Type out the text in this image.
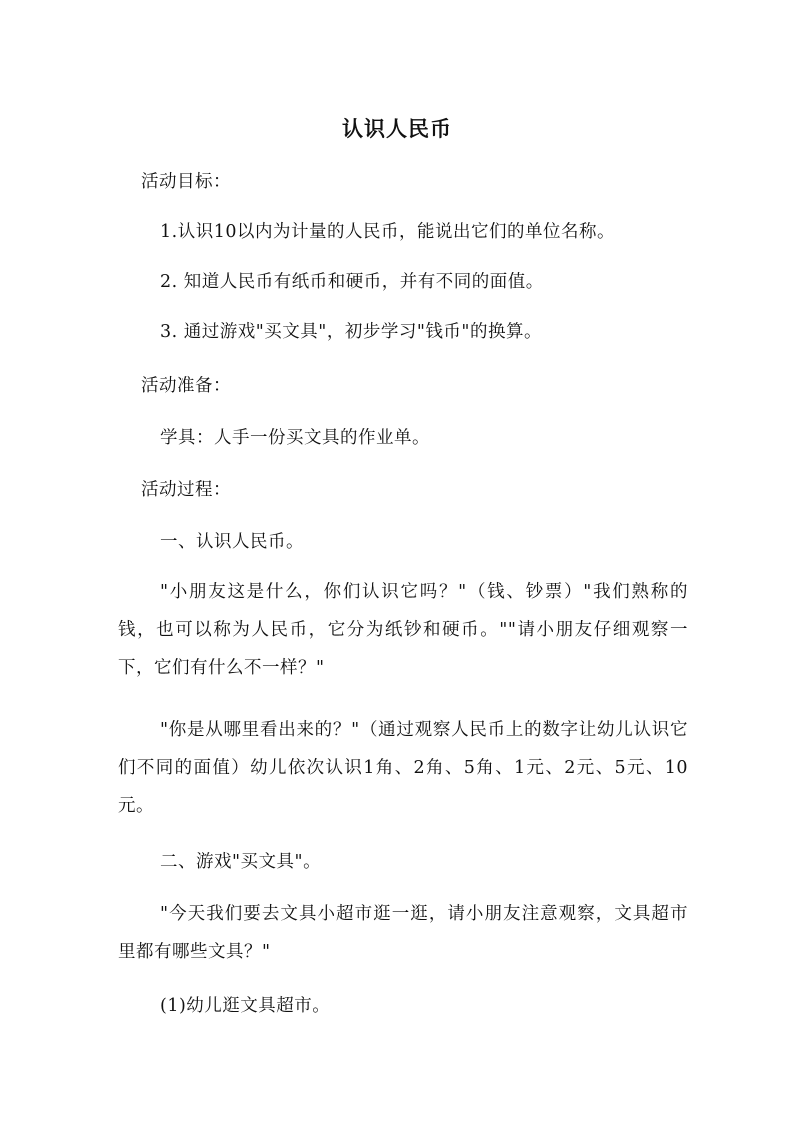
认识人民币
活动目标：
1.认识10以内为计量的人民币，能说出它们的单位名称。
2. 知道人民币有纸币和硬币，并有不同的面值。
3. 通过游戏"买文具"，初步学习"钱币"的换算。
活动准备：
学具：人手一份买文具的作业单。
活动过程：
一、认识人民币。
"小朋友这是什么，你们认识它吗？"（钱、钞票）"我们熟称的钱，也可以称为人民币，它分为纸钞和硬币。""请小朋友仔细观察一下，它们有什么不一样？"
"你是从哪里看出来的？"（通过观察人民币上的数字让幼儿认识它们不同的面值）幼儿依次认识1角、2角、5角、1元、2元、5元、10元。
二、游戏"买文具"。
"今天我们要去文具小超市逛一逛，请小朋友注意观察，文具超市里都有哪些文具？"
(1)幼儿逛文具超市。
